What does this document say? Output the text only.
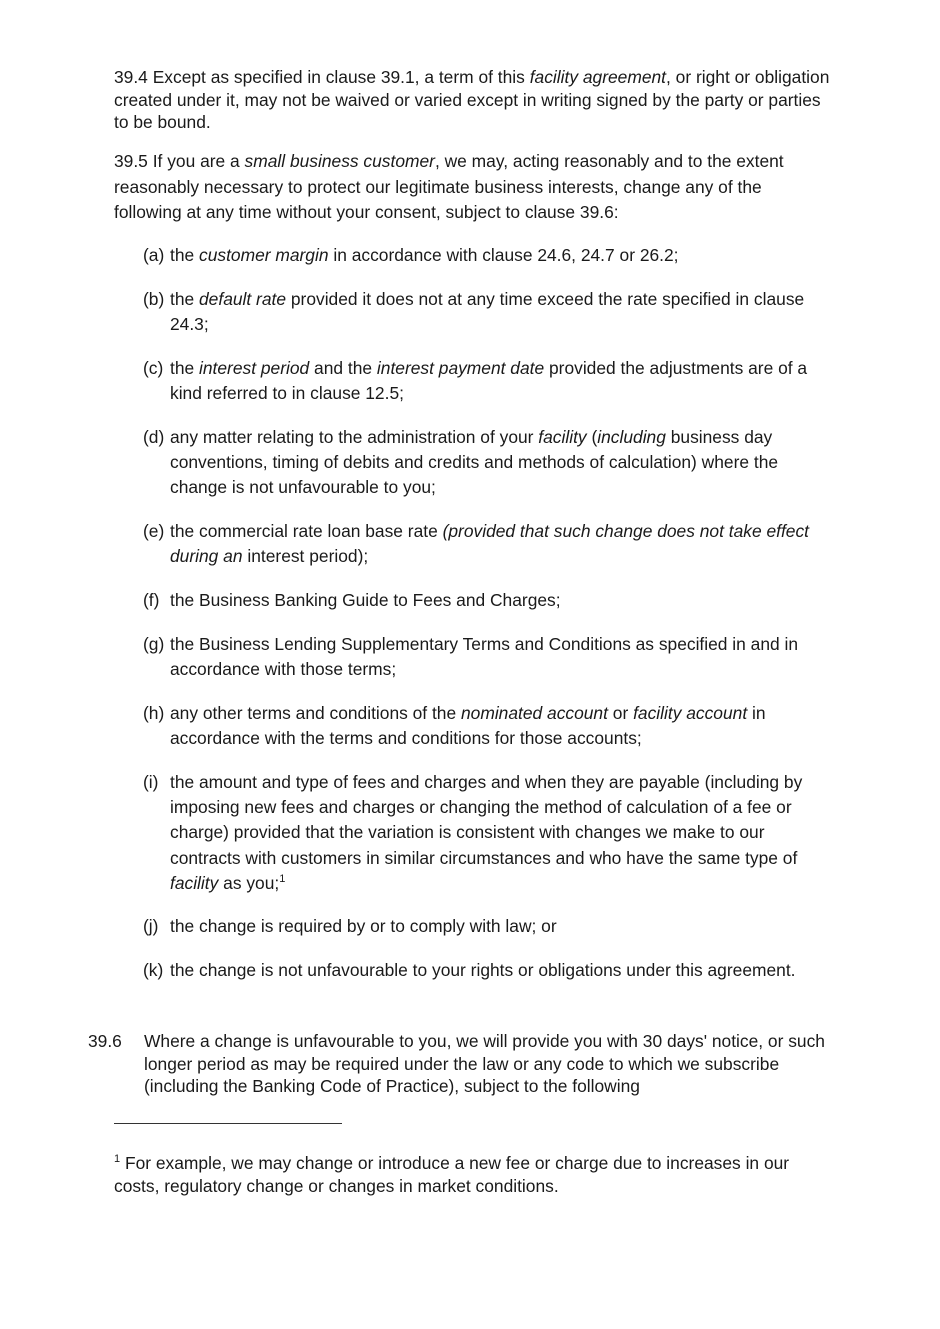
39.4 Except as specified in clause 39.1, a term of this facility agreement, or right or obligation created under it, may not be waived or varied except in writing signed by the party or parties to be bound.
39.5 If you are a small business customer, we may, acting reasonably and to the extent reasonably necessary to protect our legitimate business interests, change any of the following at any time without your consent, subject to clause 39.6:
(a) the customer margin in accordance with clause 24.6, 24.7 or 26.2;
(b) the default rate provided it does not at any time exceed the rate specified in clause 24.3;
(c) the interest period and the interest payment date provided the adjustments are of a kind referred to in clause 12.5;
(d) any matter relating to the administration of your facility (including business day conventions, timing of debits and credits and methods of calculation) where the change is not unfavourable to you;
(e) the commercial rate loan base rate (provided that such change does not take effect during an interest period);
(f) the Business Banking Guide to Fees and Charges;
(g) the Business Lending Supplementary Terms and Conditions as specified in and in accordance with those terms;
(h) any other terms and conditions of the nominated account or facility account in accordance with the terms and conditions for those accounts;
(i) the amount and type of fees and charges and when they are payable (including by imposing new fees and charges or changing the method of calculation of a fee or charge) provided that the variation is consistent with changes we make to our contracts with customers in similar circumstances and who have the same type of facility as you;$^1$
(j) the change is required by or to comply with law; or
(k) the change is not unfavourable to your rights or obligations under this agreement.
39.6	Where a change is unfavourable to you, we will provide you with 30 days' notice, or such longer period as may be required under the law or any code to which we subscribe (including the Banking Code of Practice), subject to the following
$^1$ For example, we may change or introduce a new fee or charge due to increases in our costs, regulatory change or changes in market conditions.
